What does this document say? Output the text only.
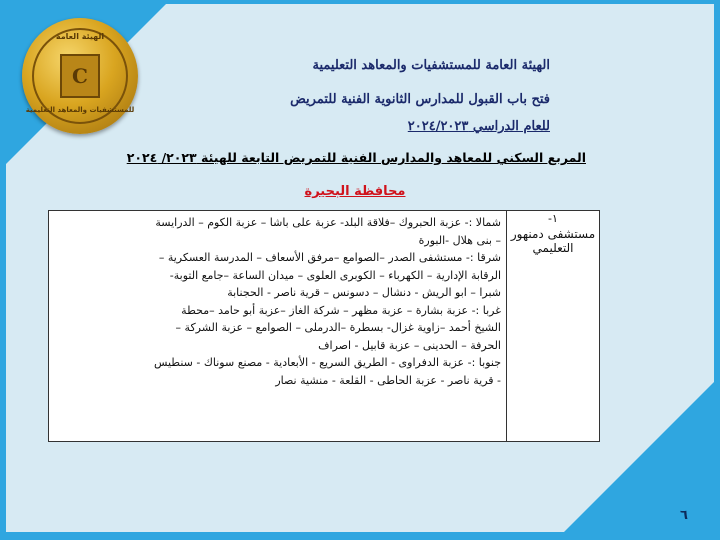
الهيئة العامة
C
للمستشفيات والمعاهد التعليمية
الهيئة العامة للمستشفيات والمعاهد التعليمية
فتح باب القبول للمدارس الثانوية الفنية للتمريض
للعام الدراسي ٢٠٢٤/٢٠٢٣
المربع السكني للمعاهد والمدارس الفنية للتمريض التابعة للهيئة ٢٠٢٣/ ٢٠٢٤
محافظة البحيرة
١-
مستشفى دمنهور التعليمي	
شمالا :- عزبة الحبروك –فلاقة البلد- عزبة على باشا – عزبة الكوم – الدرايسة
– بنى هلال -البورة
شرقا :- مستشفى الصدر –الصوامع –مرفق الأسعاف – المدرسة العسكرية –
الرقابة الإدارية – الكهرباء – الكوبرى العلوى – ميدان الساعة –جامع التوبة-
شبرا – ابو الريش - دنشال – دسونس – قرية ناصر - الحجنابة
غربا :- عزبة بشارة – عزبة مظهر – شركة الغاز –عزبة أبو حامد –محطة
الشيخ أحمد –زاوية غزال- بسطرة –الدرملى – الصوامع – عزبة الشركة –
الحرفة – الحدينى – عزبة قابيل - اصراف
جنوبا :- عزبة الدفراوى - الطريق السريع - الأبعادية - مصنع سوناك - سنطيس
- قرية ناصر - عزبة الحاطى - القلعة - منشية نصار
٦
